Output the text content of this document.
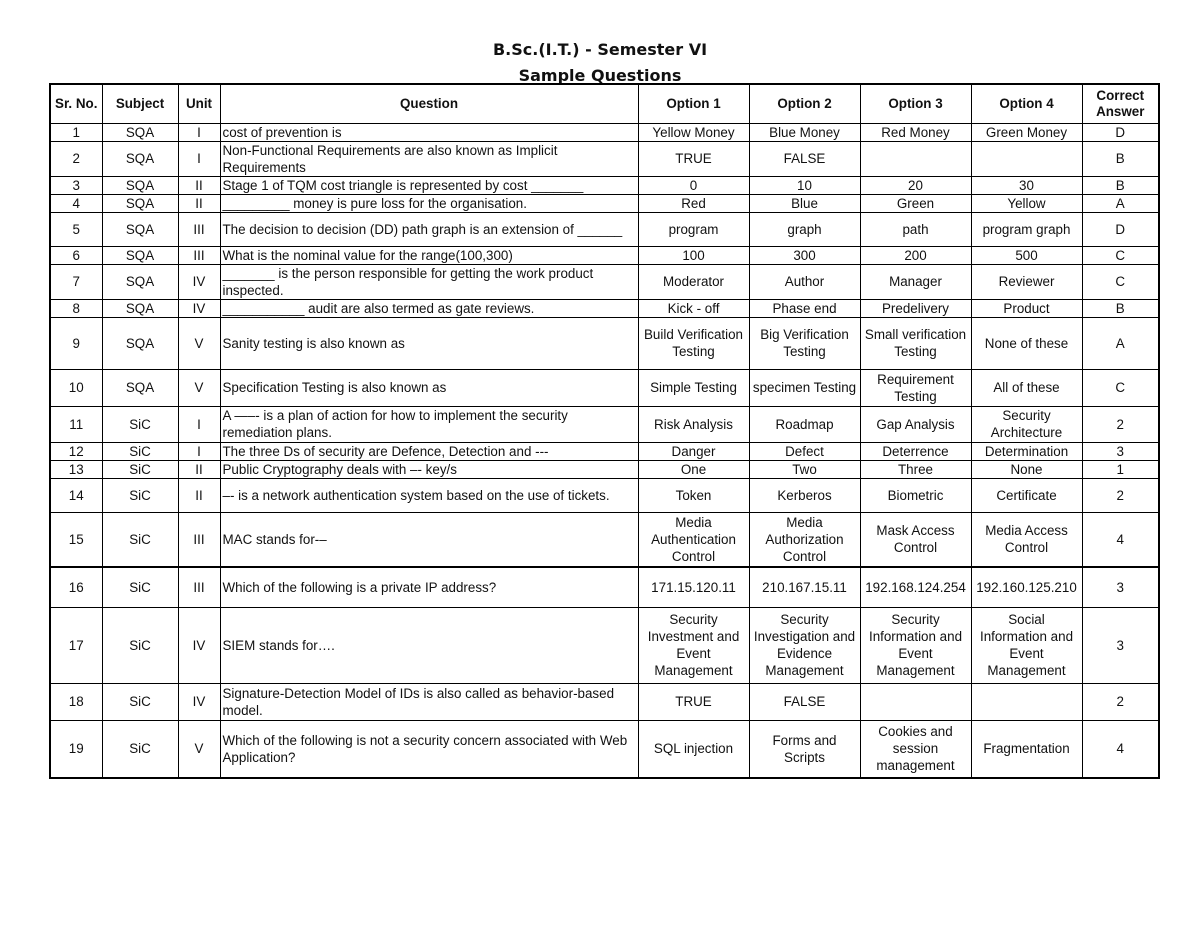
B.Sc.(I.T.) - Semester VI
Sample Questions
Sr. No.	Subject	Unit	Question	Option 1	Option 2	Option 3	Option 4	Correct Answer
1	SQA	I	cost of prevention is	Yellow Money	Blue Money	Red Money	Green Money	D
2	SQA	I	Non-Functional Requirements are also known as Implicit Requirements	TRUE	FALSE			B
3	SQA	II	Stage 1 of TQM cost triangle is represented by cost _______	0	10	20	30	B
4	SQA	II	_________ money is pure loss for the organisation.	Red	Blue	Green	Yellow	A
5	SQA	III	The decision to decision (DD) path graph is an extension of ______	program	graph	path	program graph	D
6	SQA	III	What is the nominal value for the range(100,300)	100	300	200	500	C
7	SQA	IV	_______ is the person responsible for getting the work product inspected.	Moderator	Author	Manager	Reviewer	C
8	SQA	IV	___________ audit are also termed as gate reviews.	Kick - off	Phase end	Predelivery	Product	B
9	SQA	V	Sanity testing is also known as	Build Verification Testing	Big Verification Testing	Small verification Testing	None of these	A
10	SQA	V	Specification Testing is also known as	Simple Testing	specimen Testing	Requirement Testing	All of these	C
11	SiC	I	A —–- is a plan of action for how to implement the security remediation plans.	Risk Analysis	Roadmap	Gap Analysis	Security Architecture	2
12	SiC	I	The three Ds of security are Defence, Detection and ---	Danger	Defect	Deterrence	Determination	3
13	SiC	II	Public Cryptography deals with –- key/s	One	Two	Three	None	1
14	SiC	II	–- is a network authentication system based on the use of tickets.	Token	Kerberos	Biometric	Certificate	2
15	SiC	III	MAC stands for-–	Media Authentication Control	Media Authorization Control	Mask Access Control	Media Access Control	4
16	SiC	III	Which of the following is a private IP address?	171.15.120.11	210.167.15.11	192.168.124.254	192.160.125.210	3
17	SiC	IV	SIEM stands for….	Security Investment and Event Management	Security Investigation and Evidence Management	Security Information and Event Management	Social Information and Event Management	3
18	SiC	IV	Signature-Detection Model of IDs is also called as behavior-based model.	TRUE	FALSE			2
19	SiC	V	Which of the following is not a security concern associated with Web Application?	SQL injection	Forms and Scripts	Cookies and session management	Fragmentation	4
